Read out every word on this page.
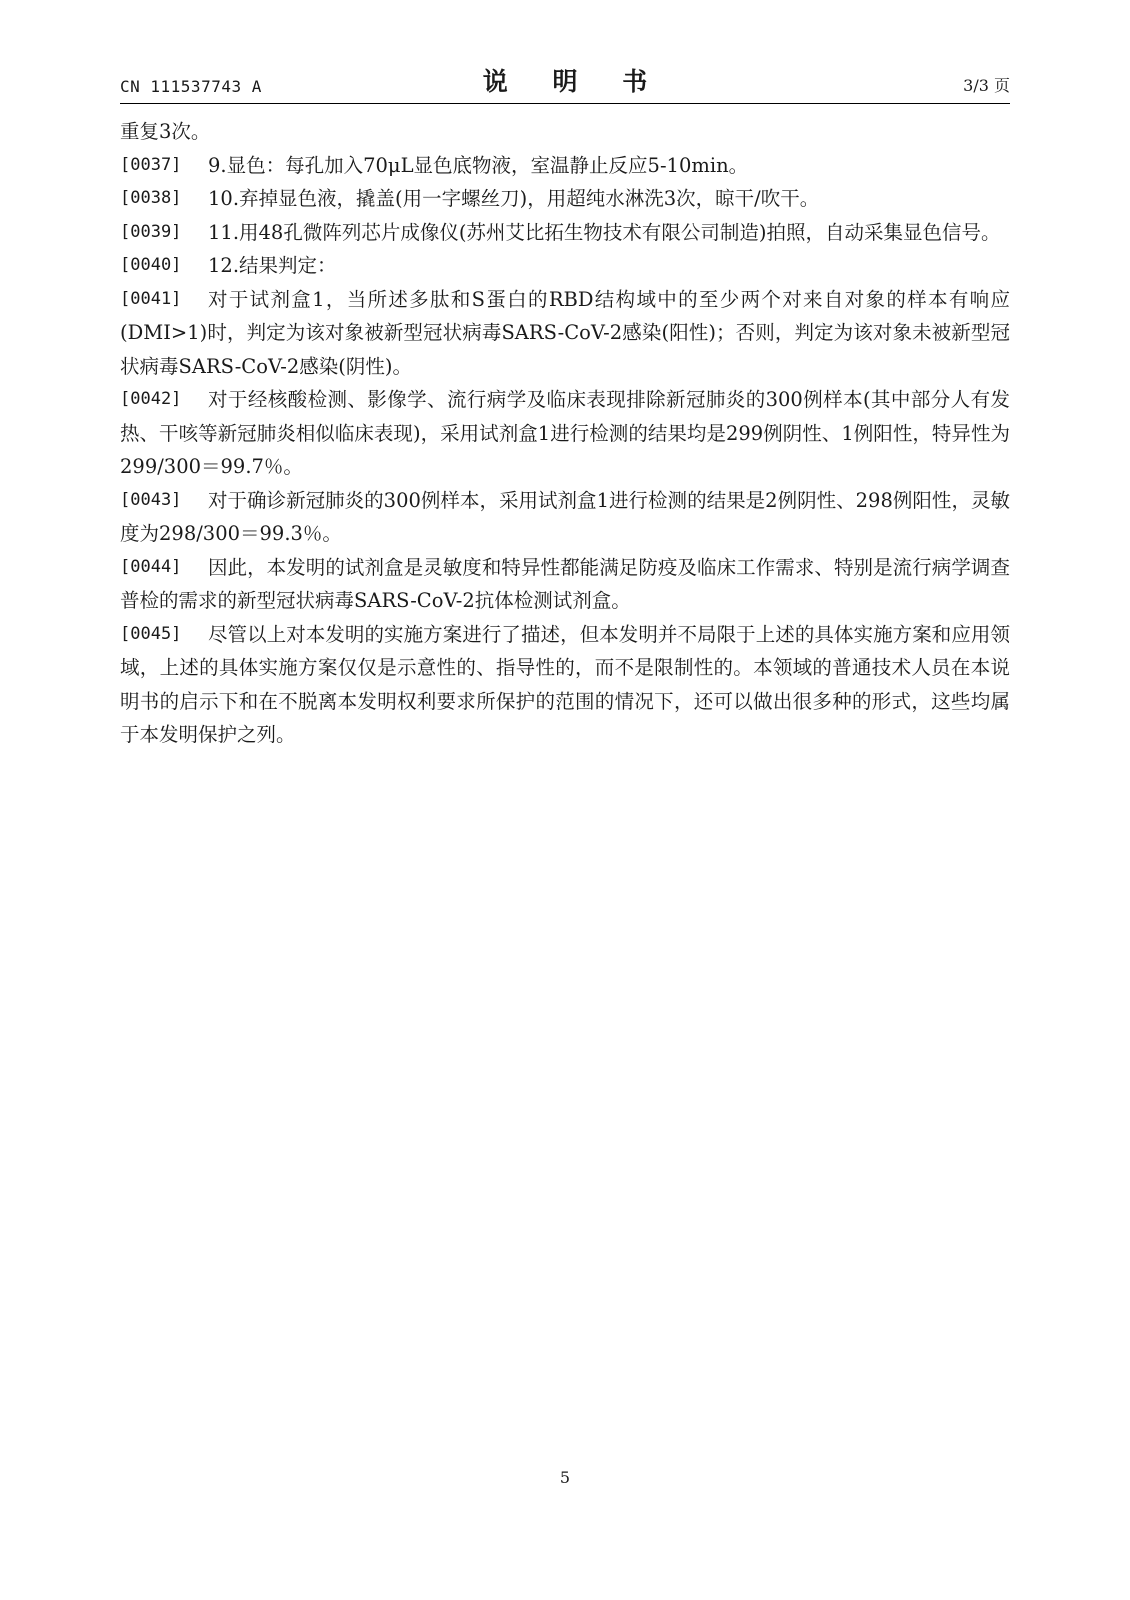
CN 111537743 A	说 明 书	3/3 页

重复3次。

[0037] 9.显色：每孔加入70μL显色底物液，室温静止反应5-10min。

[0038] 10.弃掉显色液，撬盖(用一字螺丝刀)，用超纯水淋洗3次，晾干/吹干。

[0039] 11.用48孔微阵列芯片成像仪(苏州艾比拓生物技术有限公司制造)拍照，自动采集显色信号。

[0040] 12.结果判定：

[0041] 对于试剂盒1，当所述多肽和S蛋白的RBD结构域中的至少两个对来自对象的样本有响应(DMI>1)时，判定为该对象被新型冠状病毒SARS-CoV-2感染(阳性)；否则，判定为该对象未被新型冠状病毒SARS-CoV-2感染(阴性)。

[0042] 对于经核酸检测、影像学、流行病学及临床表现排除新冠肺炎的300例样本(其中部分人有发热、干咳等新冠肺炎相似临床表现)，采用试剂盒1进行检测的结果均是299例阴性、1例阳性，特异性为299/300＝99.7％。

[0043] 对于确诊新冠肺炎的300例样本，采用试剂盒1进行检测的结果是2例阴性、298例阳性，灵敏度为298/300＝99.3％。

[0044] 因此，本发明的试剂盒是灵敏度和特异性都能满足防疫及临床工作需求、特别是流行病学调查普检的需求的新型冠状病毒SARS-CoV-2抗体检测试剂盒。

[0045] 尽管以上对本发明的实施方案进行了描述，但本发明并不局限于上述的具体实施方案和应用领域，上述的具体实施方案仅仅是示意性的、指导性的，而不是限制性的。本领域的普通技术人员在本说明书的启示下和在不脱离本发明权利要求所保护的范围的情况下，还可以做出很多种的形式，这些均属于本发明保护之列。

5
